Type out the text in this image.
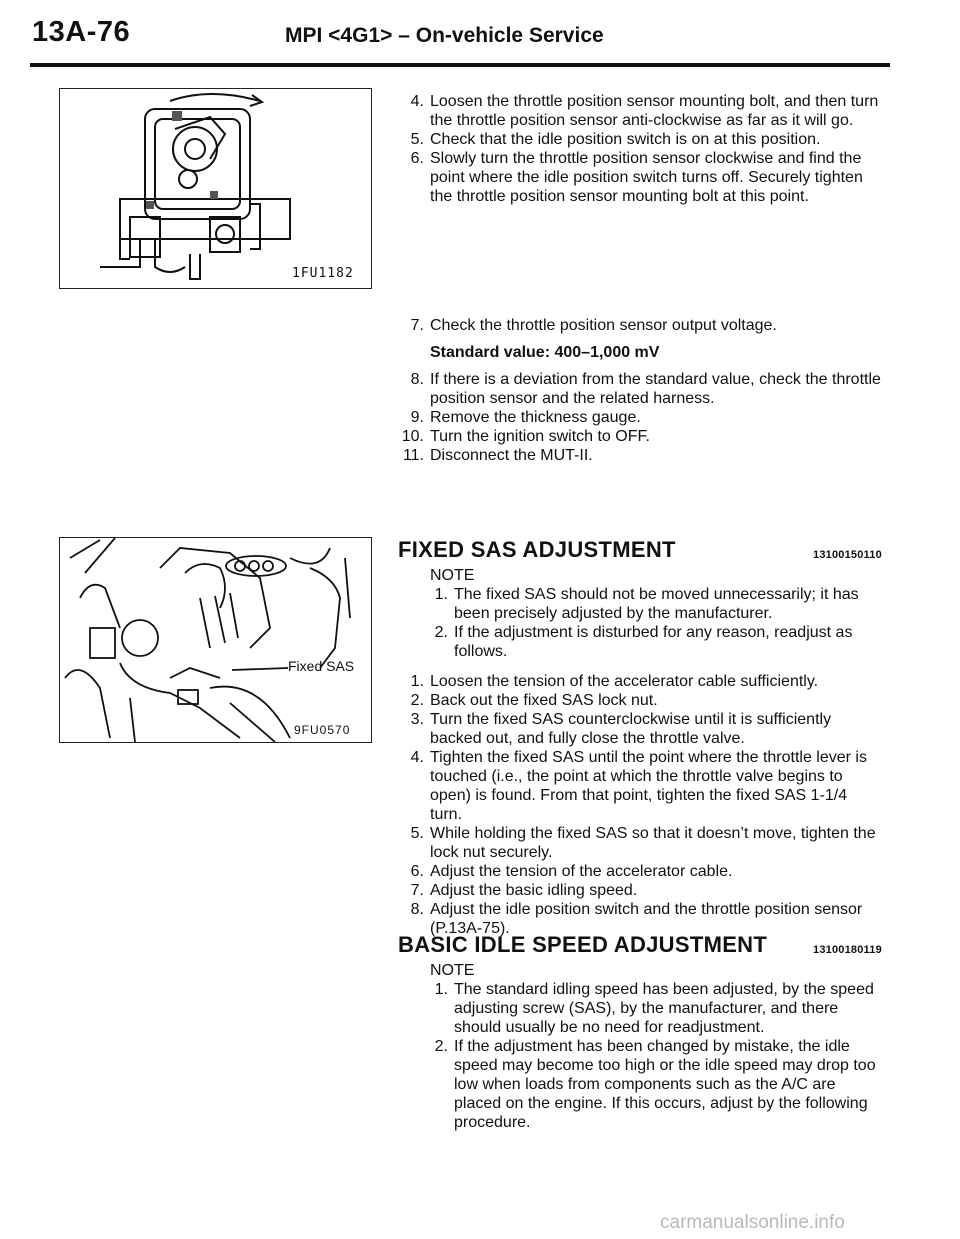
13A-76	MPI <4G1> – On-vehicle Service
1FU1182
Fixed SAS
9FU0570
4. Loosen the throttle position sensor mounting bolt, and then turn the throttle position sensor anti-clockwise as far as it will go.
5. Check that the idle position switch is on at this position.
6. Slowly turn the throttle position sensor clockwise and find the point where the idle position switch turns off. Securely tighten the throttle position sensor mounting bolt at this point.
7. Check the throttle position sensor output voltage.
Standard value: 400–1,000 mV
8. If there is a deviation from the standard value, check the throttle position sensor and the related harness.
9. Remove the thickness gauge.
10. Turn the ignition switch to OFF.
11. Disconnect the MUT-II.
FIXED SAS ADJUSTMENT	13100150110
NOTE
1. The fixed SAS should not be moved unnecessarily; it has been precisely adjusted by the manufacturer.
2. If the adjustment is disturbed for any reason, readjust as follows.
1. Loosen the tension of the accelerator cable sufficiently.
2. Back out the fixed SAS lock nut.
3. Turn the fixed SAS counterclockwise until it is sufficiently backed out, and fully close the throttle valve.
4. Tighten the fixed SAS until the point where the throttle lever is touched (i.e., the point at which the throttle valve begins to open) is found. From that point, tighten the fixed SAS 1-1/4 turn.
5. While holding the fixed SAS so that it doesn’t move, tighten the lock nut securely.
6. Adjust the tension of the accelerator cable.
7. Adjust the basic idling speed.
8. Adjust the idle position switch and the throttle position sensor (P.13A-75).
BASIC IDLE SPEED ADJUSTMENT	13100180119
NOTE
1. The standard idling speed has been adjusted, by the speed adjusting screw (SAS), by the manufacturer, and there should usually be no need for readjustment.
2. If the adjustment has been changed by mistake, the idle speed may become too high or the idle speed may drop too low when loads from components such as the A/C are placed on the engine. If this occurs, adjust by the following procedure.
carmanualsonline.info
